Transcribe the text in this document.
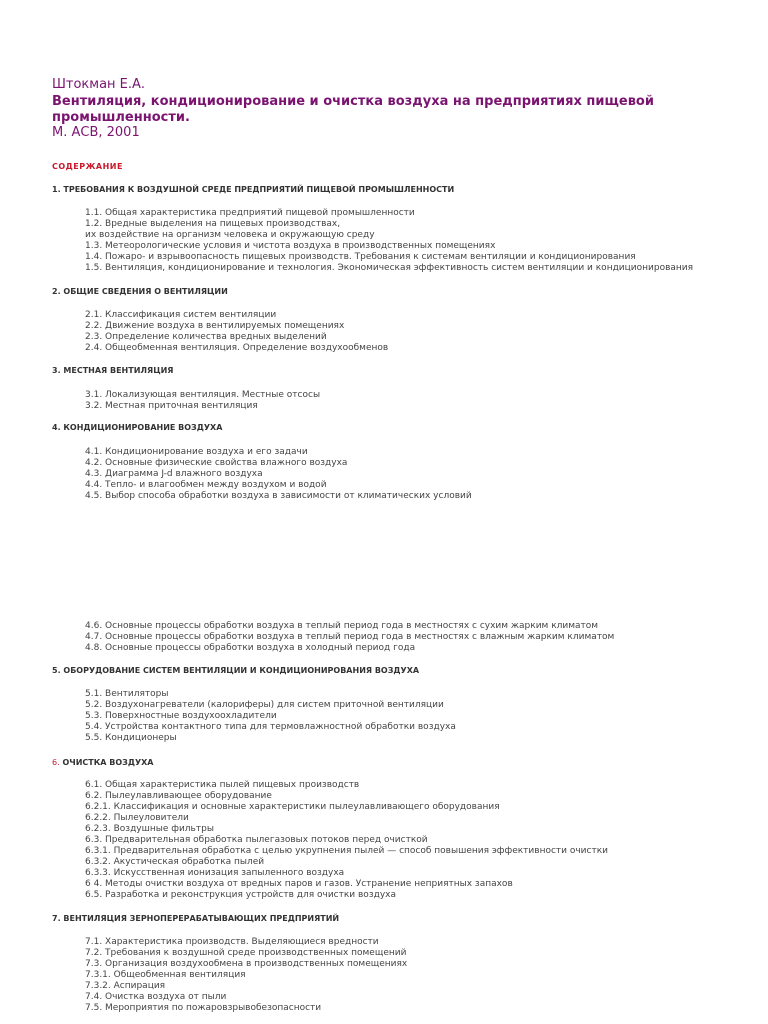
Штокман Е.А.
Вентиляция, кондиционирование и очистка воздуха на предприятиях пищевой промышленности.
М. АСВ, 2001
СОДЕРЖАНИЕ
1. ТРЕБОВАНИЯ К ВОЗДУШНОЙ СРЕДЕ ПРЕДПРИЯТИЙ ПИЩЕВОЙ ПРОМЫШЛЕННОСТИ
1.1. Общая характеристика предприятий пищевой промышленности
1.2. Вредные выделения на пищевых производствах,
их воздействие на организм человека и окружающую среду
1.3. Метеорологические условия и чистота воздуха в производственных помещениях
1.4. Пожаро- и взрывоопасность пищевых производств. Требования к системам вентиляции и кондиционирования
1.5. Вентиляция, кондиционирование и технология. Экономическая эффективность систем вентиляции и кондиционирования
2. ОБЩИЕ СВЕДЕНИЯ О ВЕНТИЛЯЦИИ
2.1. Классификация систем вентиляции
2.2. Движение воздуха в вентилируемых помещениях
2.3. Определение количества вредных выделений
2.4. Общеобменная вентиляция. Определение воздухообменов
3. МЕСТНАЯ ВЕНТИЛЯЦИЯ
3.1. Локализующая вентиляция. Местные отсосы
3.2. Местная приточная вентиляция
4. КОНДИЦИОНИРОВАНИЕ ВОЗДУХА
4.1. Кондиционирование воздуха и его задачи
4.2. Основные физические свойства влажного воздуха
4.3. Диаграмма J-d влажного воздуха
4.4. Тепло- и влагообмен между воздухом и водой
4.5. Выбор способа обработки воздуха в зависимости от климатических условий
4.6. Основные процессы обработки воздуха в теплый период года в местностях с сухим жарким климатом
4.7. Основные процессы обработки воздуха в теплый период года в местностях с влажным жарким климатом
4.8. Основные процессы обработки воздуха в холодный период года
5. ОБОРУДОВАНИЕ СИСТЕМ ВЕНТИЛЯЦИИ И КОНДИЦИОНИРОВАНИЯ ВОЗДУХА
5.1. Вентиляторы
5.2. Воздухонагреватели (калориферы) для систем приточной вентиляции
5.3. Поверхностные воздухоохладители
5.4. Устройства контактного типа для термовлажностной обработки воздуха
5.5. Кондиционеры
6. ОЧИСТКА ВОЗДУХА
6.1. Общая характеристика пылей пищевых производств
6.2. Пылеулавливающее оборудование
6.2.1. Классификация и основные характеристики пылеулавливающего оборудования
6.2.2. Пылеуловители
6.2.3. Воздушные фильтры
6.3. Предварительная обработка пылегазовых потоков перед очисткой
6.3.1. Предварительная обработка с целью укрупнения пылей — способ повышения эффективности очистки
6.3.2. Акустическая обработка пылей
6.3.3. Искусственная ионизация запыленного воздуха
6 4. Методы очистки воздуха от вредных паров и газов. Устранение неприятных запахов
6.5. Разработка и реконструкция устройств для очистки воздуха
7. ВЕНТИЛЯЦИЯ ЗЕРНОПЕРЕРАБАТЫВАЮЩИХ ПРЕДПРИЯТИЙ
7.1. Характеристика производств. Выделяющиеся вредности
7.2. Требования к воздушной среде производственных помещений
7.3. Организация воздухообмена в производственных помещениях
7.3.1. Общеобменная вентиляция
7.3.2. Аспирация
7.4. Очистка воздуха от пыли
7.5. Мероприятия по пожаровзрывобезопасности
